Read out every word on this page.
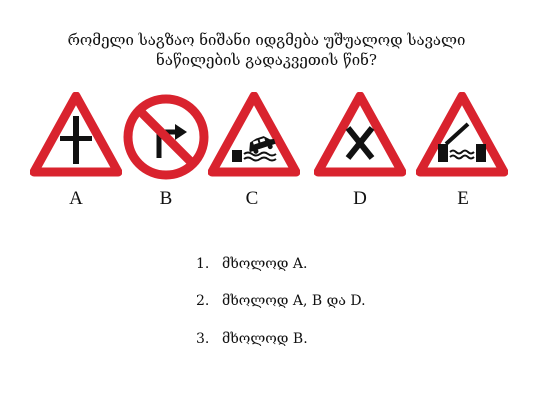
რომელი საგზაო ნიშანი იდგმება უშუალოდ სავალი
ნაწილების გადაკვეთის წინ?
A	B	C	D	E
1. მხოლოდ A.
2. მხოლოდ A, B და D.
3. მხოლოდ B.
